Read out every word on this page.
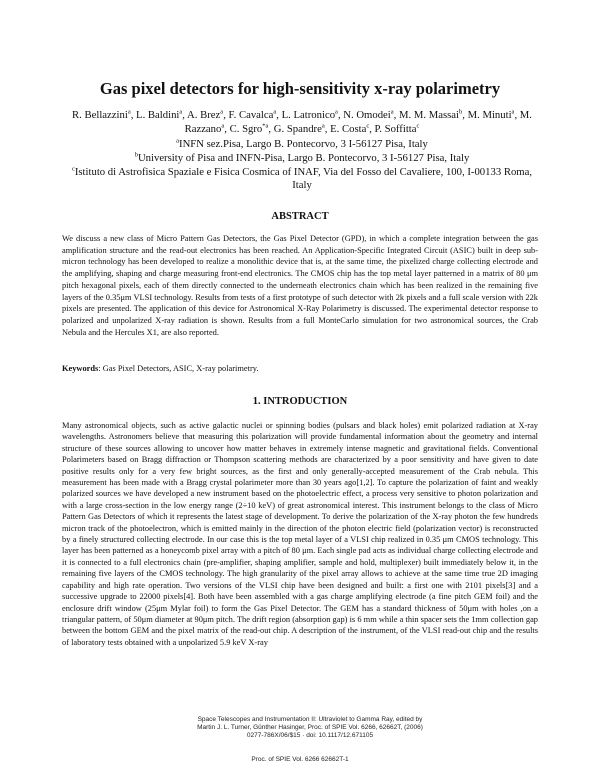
Gas pixel detectors for high-sensitivity x-ray polarimetry
R. Bellazzini$^a$, L. Baldini$^a$, A. Brez$^a$, F. Cavalca$^a$, L. Latronico$^a$, N. Omodei$^a$, M. M. Massai$^b$, M. Minuti$^a$, M. Razzano$^a$, C. Sgro$^{*a}$, G. Spandre$^a$, E. Costa$^c$, P. Soffitta$^c$
$^a$INFN sez.Pisa, Largo B. Pontecorvo, 3 I-56127 Pisa, Italy
$^b$University of Pisa and INFN-Pisa, Largo B. Pontecorvo, 3 I-56127 Pisa, Italy
$^c$Istituto di Astrofisica Spaziale e Fisica Cosmica of INAF, Via del Fosso del Cavaliere, 100, I-00133 Roma, Italy
ABSTRACT
We discuss a new class of Micro Pattern Gas Detectors, the Gas Pixel Detector (GPD), in which a complete integration between the gas amplification structure and the read-out electronics has been reached. An Application-Specific Integrated Circuit (ASIC) built in deep sub-micron technology has been developed to realize a monolithic device that is, at the same time, the pixelized charge collecting electrode and the amplifying, shaping and charge measuring front-end electronics. The CMOS chip has the top metal layer patterned in a matrix of 80 μm pitch hexagonal pixels, each of them directly connected to the underneath electronics chain which has been realized in the remaining five layers of the 0.35μm VLSI technology. Results from tests of a first prototype of such detector with 2k pixels and a full scale version with 22k pixels are presented. The application of this device for Astronomical X-Ray Polarimetry is discussed. The experimental detector response to polarized and unpolarized X-ray radiation is shown. Results from a full MonteCarlo simulation for two astronomical sources, the Crab Nebula and the Hercules X1, are also reported.
Keywords: Gas Pixel Detectors, ASIC, X-ray polarimetry.
1. INTRODUCTION
Many astronomical objects, such as active galactic nuclei or spinning bodies (pulsars and black holes) emit polarized radiation at X-ray wavelengths. Astronomers believe that measuring this polarization will provide fundamental information about the geometry and internal structure of these sources allowing to uncover how matter behaves in extremely intense magnetic and gravitational fields. Conventional Polarimeters based on Bragg diffraction or Thompson scattering methods are characterized by a poor sensitivity and have given to date positive results only for a very few bright sources, as the first and only generally-accepted measurement of the Crab nebula. This measurement has been made with a Bragg crystal polarimeter more than 30 years ago[1,2]. To capture the polarization of faint and weakly polarized sources we have developed a new instrument based on the photoelectric effect, a process very sensitive to photon polarization and with a large cross-section in the low energy range (2÷10 keV) of great astronomical interest. This instrument belongs to the class of Micro Pattern Gas Detectors of which it represents the latest stage of development. To derive the polarization of the X-ray photon the few hundreds micron track of the photoelectron, which is emitted mainly in the direction of the photon electric field (polarization vector) is reconstructed by a finely structured collecting electrode. In our case this is the top metal layer of a VLSI chip realized in 0.35 μm CMOS technology. This layer has been patterned as a honeycomb pixel array with a pitch of 80 μm. Each single pad acts as individual charge collecting electrode and it is connected to a full electronics chain (pre-amplifier, shaping amplifier, sample and hold, multiplexer) built immediately below it, in the remaining five layers of the CMOS technology. The high granularity of the pixel array allows to achieve at the same time true 2D imaging capability and high rate operation. Two versions of the VLSI chip have been designed and built: a first one with 2101 pixels[3] and a successive upgrade to 22000 pixels[4]. Both have been assembled with a gas charge amplifying electrode (a fine pitch GEM foil) and the enclosure drift window (25μm Mylar foil) to form the Gas Pixel Detector. The GEM has a standard thickness of 50μm with holes ,on a triangular pattern, of 50μm diameter at 90μm pitch. The drift region (absorption gap) is 6 mm while a thin spacer sets the 1mm collection gap between the bottom GEM and the pixel matrix of the read-out chip. A description of the instrument, of the VLSI read-out chip and the results of laboratory tests obtained with a unpolarized 5.9 keV X-ray
Space Telescopes and Instrumentation II: Ultraviolet to Gamma Ray, edited by
Martin J. L. Turner, Günther Hasinger, Proc. of SPIE Vol. 6266, 62662T, (2006)
0277-786X/06/$15 · doi: 10.1117/12.671105
Proc. of SPIE Vol. 6266 62662T-1
